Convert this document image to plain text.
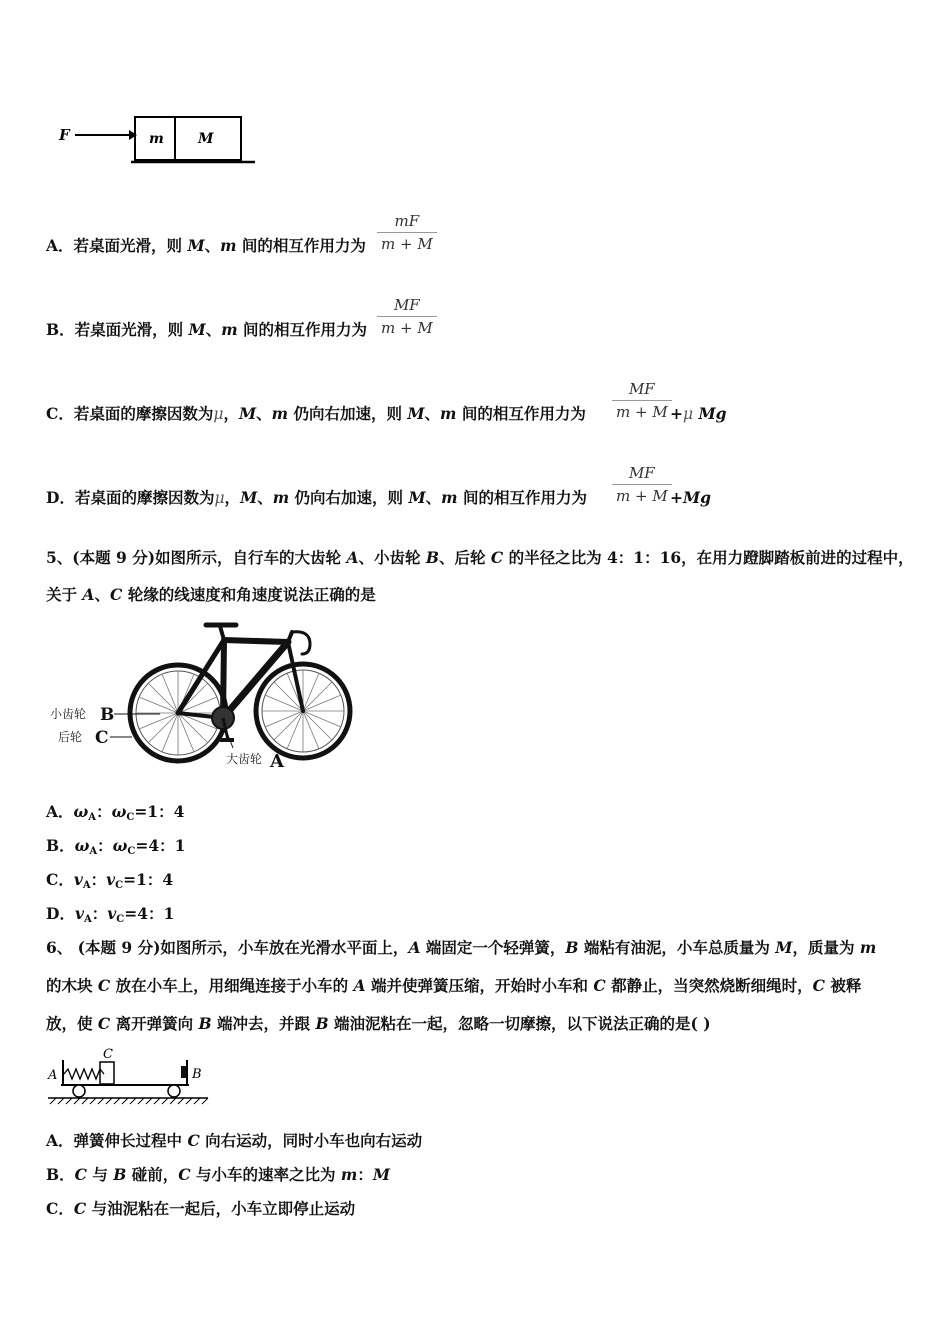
F	m M
A．若桌面光滑，则 M、m 间的相互作用力为 $\frac{mF}{m + M}$
B．若桌面光滑，则 M、m 间的相互作用力为 $\frac{MF}{m + M}$
C．若桌面的摩擦因数为μ，M、m 仍向右加速，则 M、m 间的相互作用力为 $\frac{MF}{m + M}$
+μ Mg
D．若桌面的摩擦因数为μ，M、m 仍向右加速，则 M、m 间的相互作用力为 $\frac{MF}{m + M}$
+Mg
5、(本题 9 分)如图所示，自行车的大齿轮 A、小齿轮 B、后轮 C 的半径之比为 4：1：16，在用力蹬脚踏板前进的过程中，
关于 A、C 轮缘的线速度和角速度说法正确的是
小齿轮 B
后轮 C
大齿轮 A
A．$\omega_A$：$\omega_C=1$：4
B．$\omega_A$：$\omega_C=4$：1
C．$v_A$：$v_C=1$：4
D．$v_A$：$v_C=4$：1
6、 (本题 9 分)如图所示，小车放在光滑水平面上，A 端固定一个轻弹簧，B 端粘有油泥，小车总质量为 M，质量为 m
的木块 C 放在小车上，用细绳连接于小车的 A 端并使弹簧压缩，开始时小车和 C 都静止，当突然烧断细绳时，C 被释
放，使 C 离开弹簧向 B 端冲去，并跟 B 端油泥粘在一起，忽略一切摩擦，以下说法正确的是( )
A
C
B
A．弹簧伸长过程中 C 向右运动，同时小车也向右运动
B．C 与 B 碰前，C 与小车的速率之比为 m：M
C．C 与油泥粘在一起后，小车立即停止运动
